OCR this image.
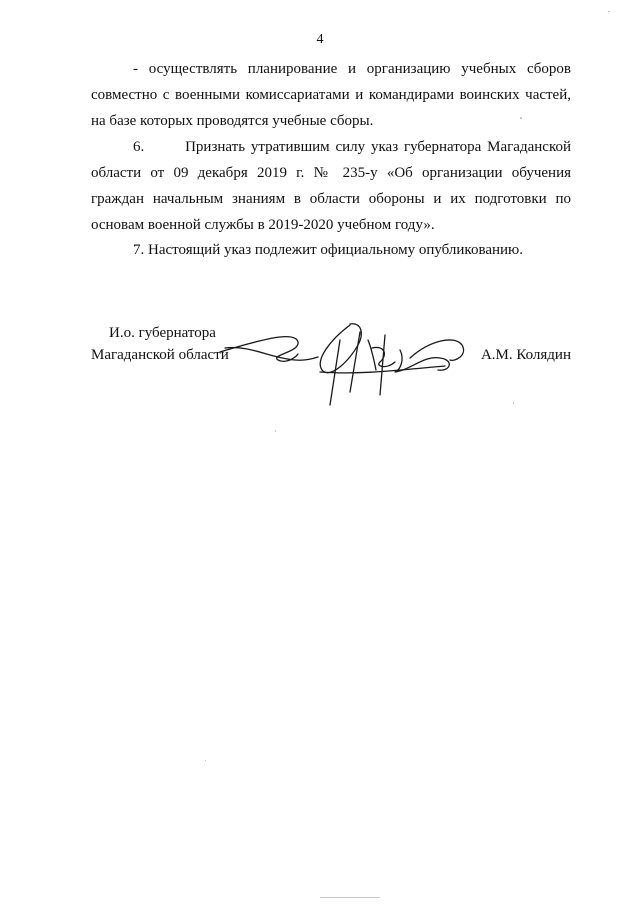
4

- осуществлять планирование и организацию учебных сборов
совместно с военными комиссариатами и командирами воинских частей,
на базе которых проводятся учебные сборы.

6.       Признать утратившим силу указ губернатора Магаданской
области от 09 декабря 2019 г. № 235-у «Об организации обучения
граждан начальным знаниям в области обороны и их подготовки по
основам военной службы в 2019-2020 учебном году».

7. Настоящий указ подлежит официальному опубликованию.

И.о. губернатора
Магаданской области	А.М. Колядин
